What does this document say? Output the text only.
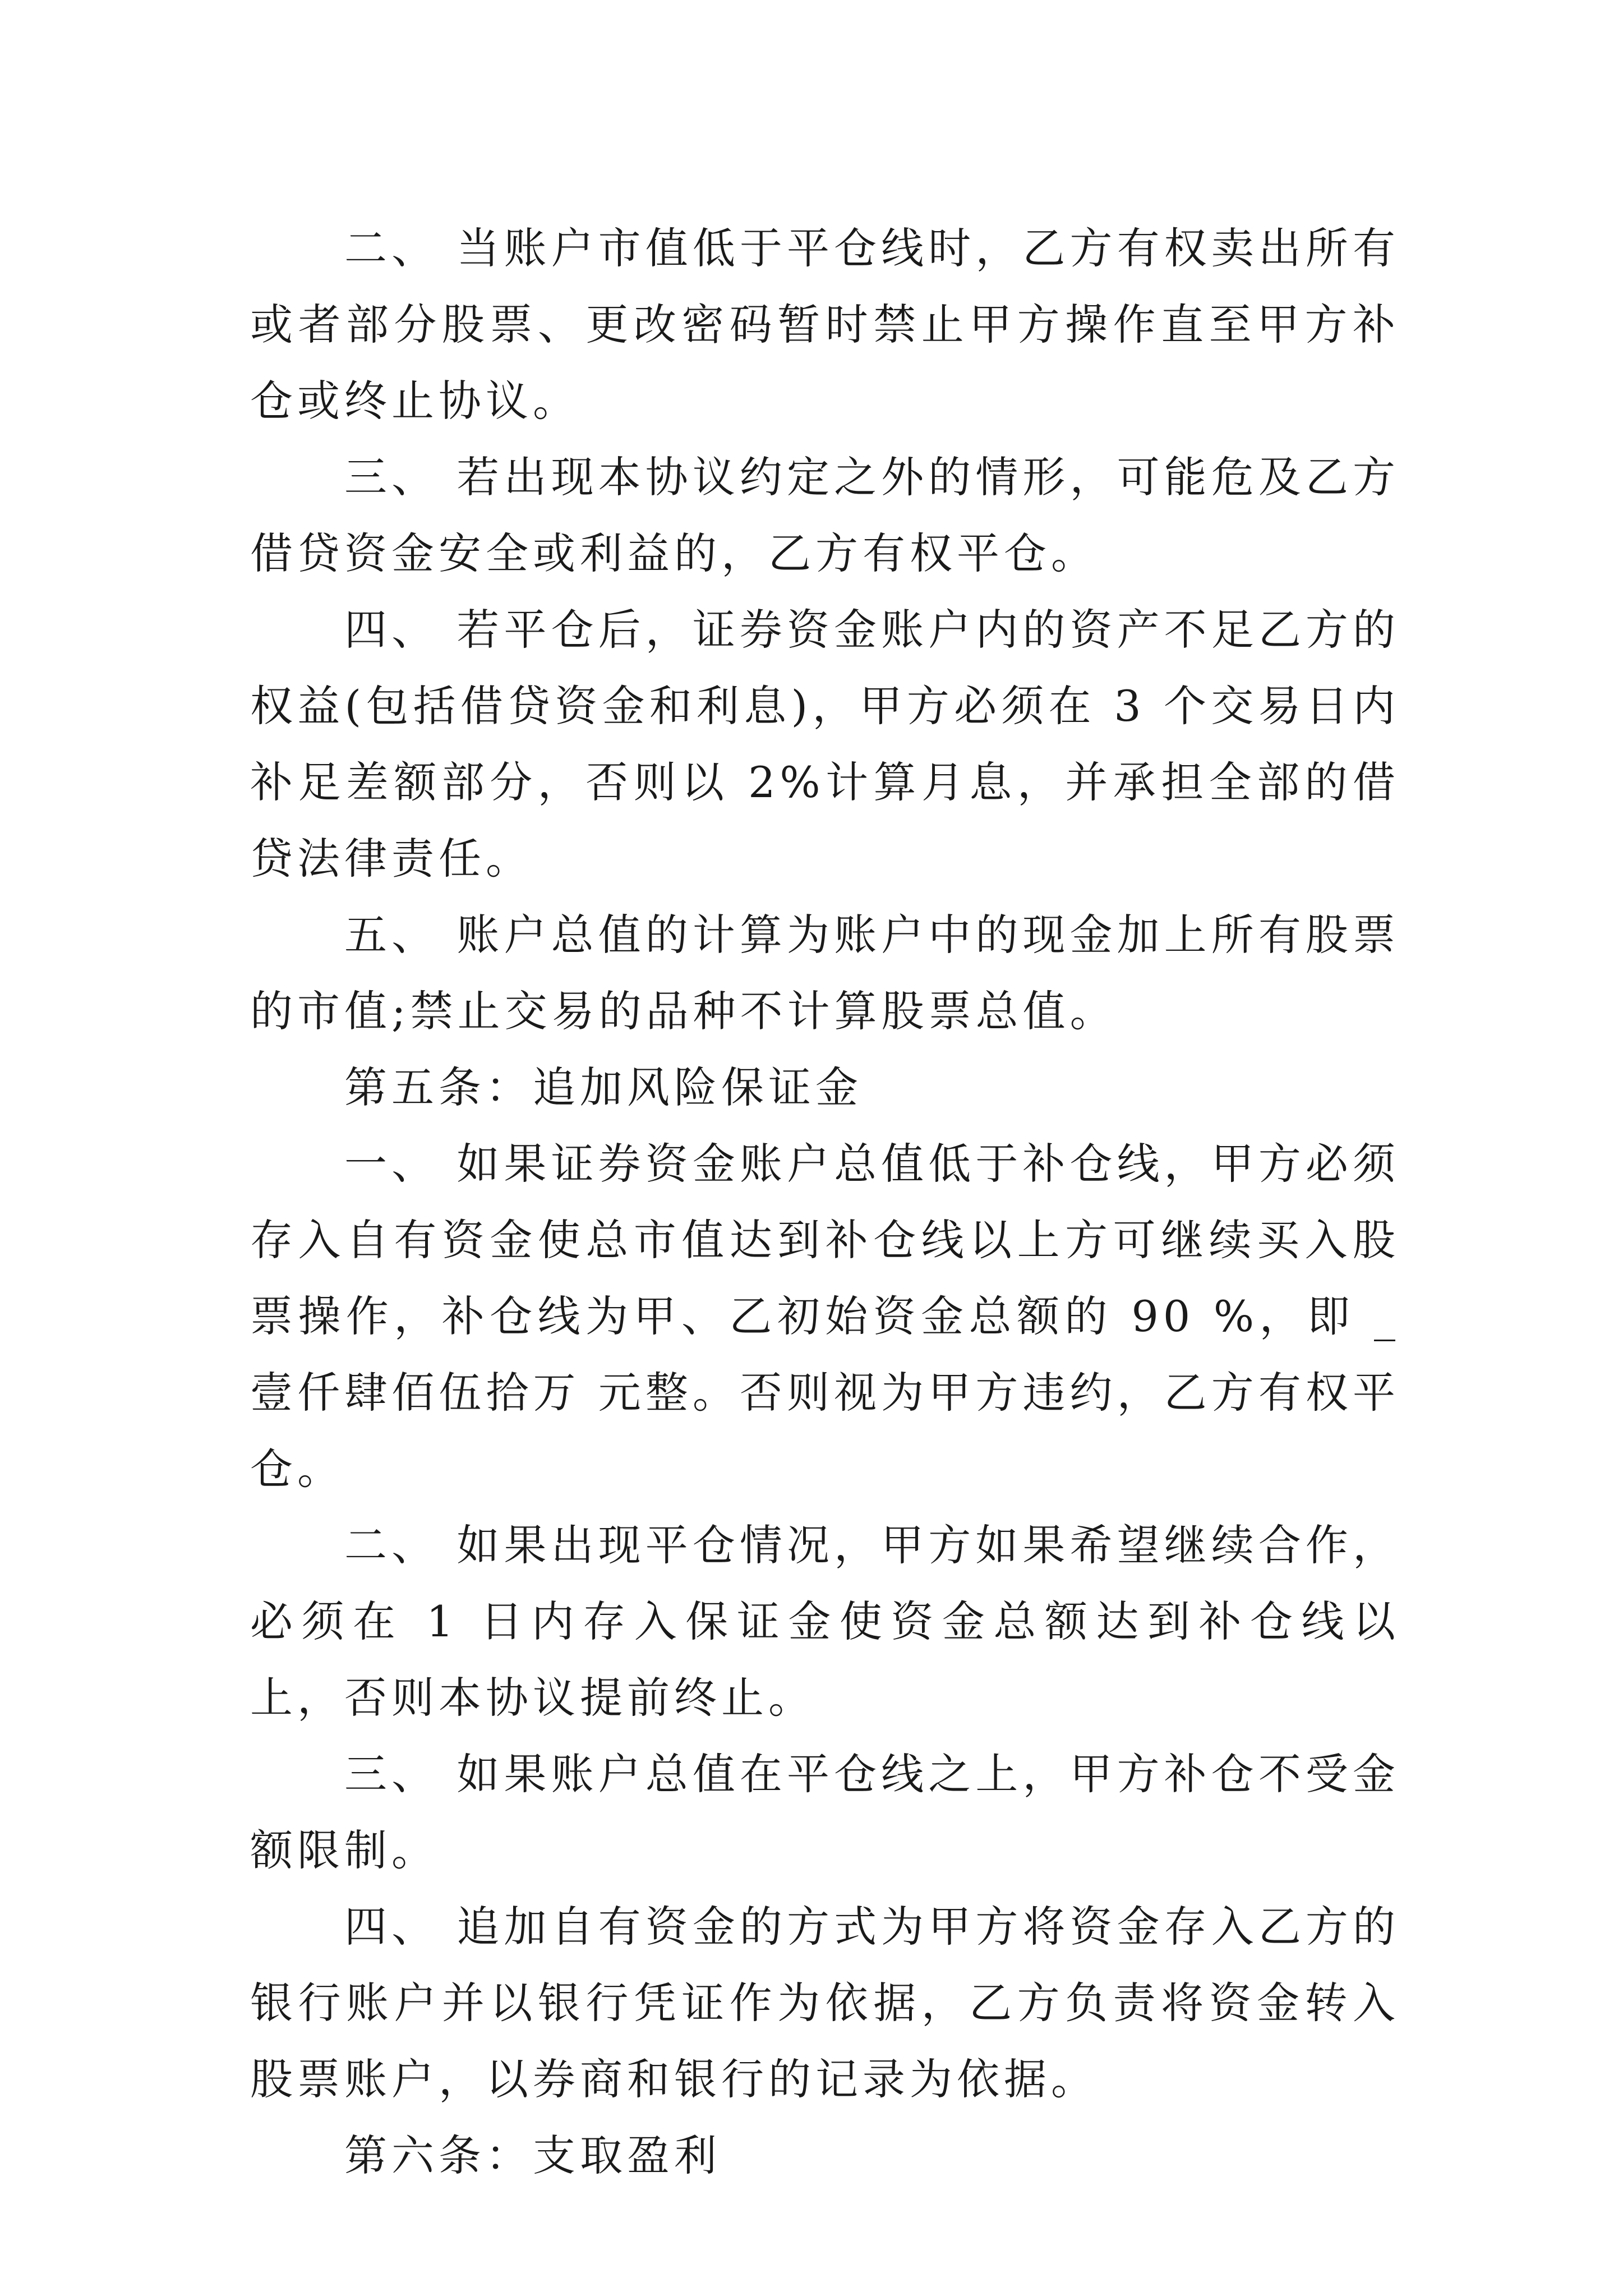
二、 当账户市值低于平仓线时，乙方有权卖出所有或者部分股票、更改密码暂时禁止甲方操作直至甲方补仓或终止协议。

三、 若出现本协议约定之外的情形，可能危及乙方借贷资金安全或利益的，乙方有权平仓。

四、 若平仓后，证券资金账户内的资产不足乙方的权益(包括借贷资金和利息)，甲方必须在 3 个交易日内补足差额部分，否则以 2%计算月息，并承担全部的借贷法律责任。

五、 账户总值的计算为账户中的现金加上所有股票的市值;禁止交易的品种不计算股票总值。

第五条：追加风险保证金

一、 如果证券资金账户总值低于补仓线，甲方必须存入自有资金使总市值达到补仓线以上方可继续买入股票操作，补仓线为甲、乙初始资金总额的 90 %，即 _壹仟肆佰伍拾万 元整。否则视为甲方违约，乙方有权平仓。

二、 如果出现平仓情况，甲方如果希望继续合作，必须在 1 日内存入保证金使资金总额达到补仓线以上，否则本协议提前终止。

三、 如果账户总值在平仓线之上，甲方补仓不受金额限制。

四、 追加自有资金的方式为甲方将资金存入乙方的银行账户并以银行凭证作为依据，乙方负责将资金转入股票账户，以券商和银行的记录为依据。

第六条：支取盈利
